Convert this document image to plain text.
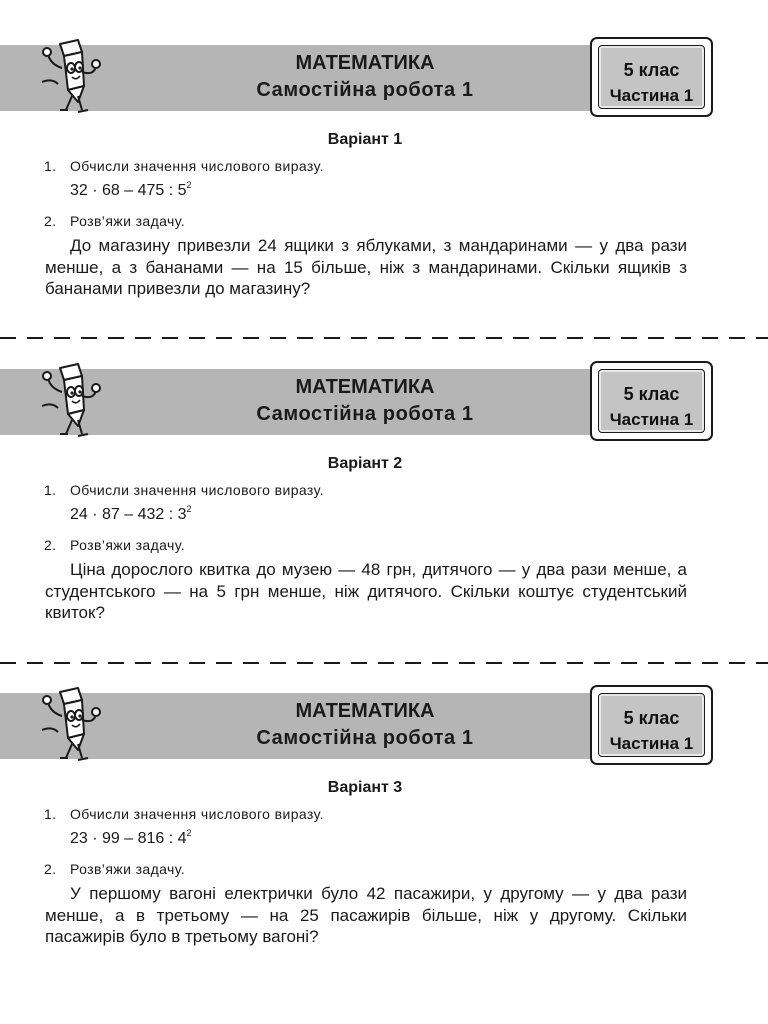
МАТЕМАТИКА
Самостійна робота 1
5 клас
Частина 1
Варіант 1
1. Обчисли значення числового виразу.
32 · 68 – 475 : $5^2$
2. Розв’яжи задачу.
До магазину привезли 24 ящики з яблуками, з мандаринами — у два рази менше, а з бананами — на 15 більше, ніж з мандаринами. Скільки ящиків з бананами привезли до магазину?
МАТЕМАТИКА
Самостійна робота 1
5 клас
Частина 1
Варіант 2
1. Обчисли значення числового виразу.
24 · 87 – 432 : $3^2$
2. Розв’яжи задачу.
Ціна дорослого квитка до музею — 48 грн, дитячого — у два рази менше, а студентського — на 5 грн менше, ніж дитячого. Скільки коштує студентський квиток?
МАТЕМАТИКА
Самостійна робота 1
5 клас
Частина 1
Варіант 3
1. Обчисли значення числового виразу.
23 · 99 – 816 : $4^2$
2. Розв’яжи задачу.
У першому вагоні електрички було 42 пасажири, у другому — у два рази менше, а в третьому — на 25 пасажирів більше, ніж у другому. Скільки пасажирів було в третьому вагоні?
